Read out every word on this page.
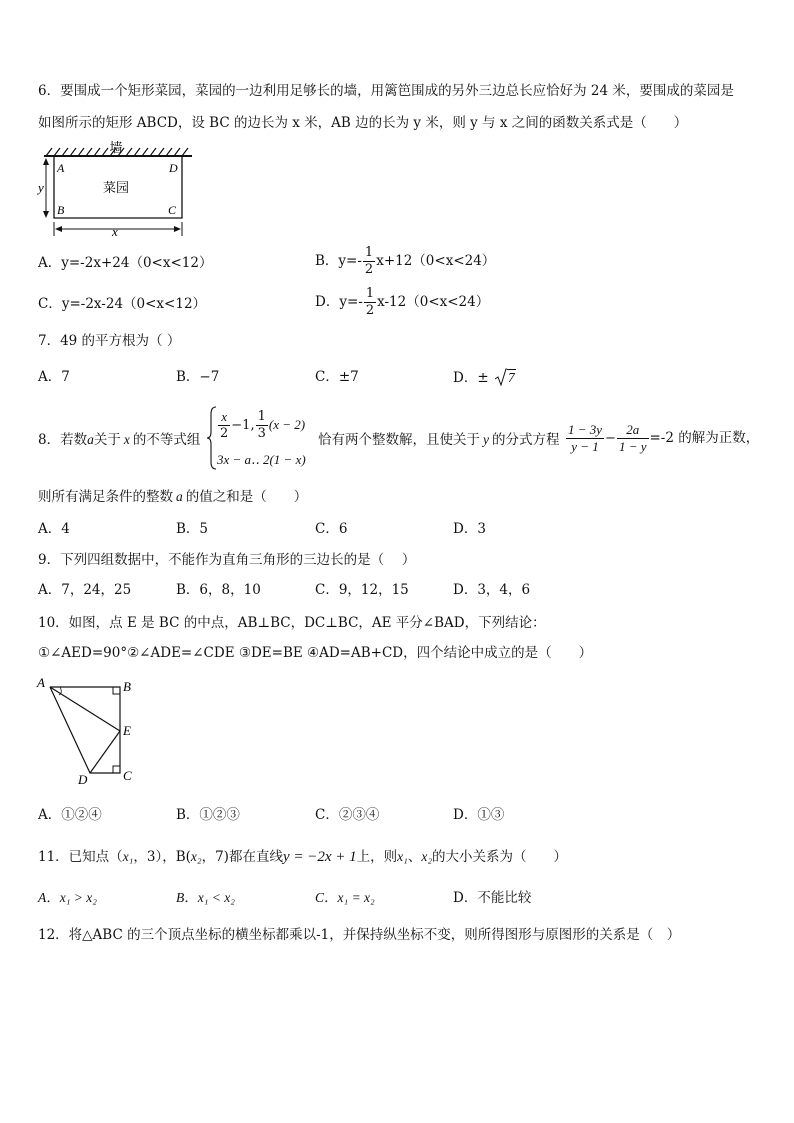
6．要围成一个矩形菜园，菜园的一边利用足够长的墙，用篱笆围成的另外三边总长应恰好为 24 米，要围成的菜园是
如图所示的矩形 ABCD，设 BC 的边长为 x 米，AB 边的长为 y 米，则 y 与 x 之间的函数关系式是（　　）
墙
菜园
A	D
B	C
y
x
A．y=-2x+24（0<x<12）	B．$y=- \frac{1}{2} x+12(0<x<24)$
C．y=-2x-24（0<x<12）	D．$y=- \frac{1}{2} x-12(0<x<24)$
7．49 的平方根为（ ）
A．7	B．−7	C．±7	D．± 7
8．若数a关于 x 的不等式组 $\frac{x}{2} -1$, $\frac{1}{3} (x - 2)$
3x − a‥ 2(1 − x)
恰有两个整数解，且使关于 y 的分式方程 $\frac{1 - 3y}{y - 1} - \frac{2a}{1 - y} =-2$ 的解为正数，
则所有满足条件的整数 a 的值之和是（　　）
A．4	B．5	C．6	D．3
9．下列四组数据中，不能作为直角三角形的三边长的是（　 ）
A．7，24，25	B．6，8，10	C．9，12，15	D．3，4，6
10．如图，点 E 是 BC 的中点，AB⊥BC，DC⊥BC，AE 平分∠BAD，下列结论：
①∠AED=90°②∠ADE=∠CDE ③DE=BE ④AD=AB+CD，四个结论中成立的是（　　）
A	B
E
C
D
A．①②④	B．①②③	C．②③④	D．①③
11．已知点（x₁，3），B(x₂，7)都在直线y = −2x + 1上，则x₁、x₂的大小关系为（　　）
A．x₁ > x₂	B．x₁ < x₂	C．x₁ = x₂	D．不能比较
12．将△ABC 的三个顶点坐标的横坐标都乘以-1，并保持纵坐标不变，则所得图形与原图形的关系是（　）
